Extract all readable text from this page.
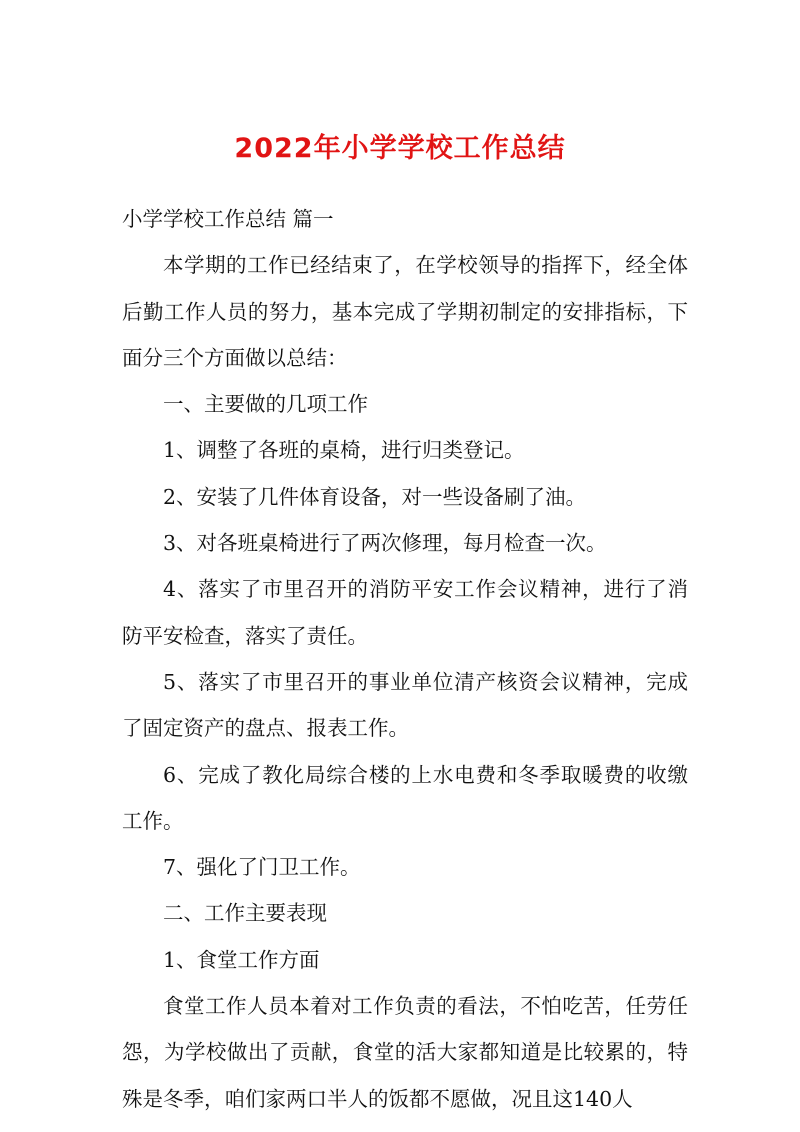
2022年小学学校工作总结

小学学校工作总结 篇一

本学期的工作已经结束了，在学校领导的指挥下，经全体后勤工作人员的努力，基本完成了学期初制定的安排指标，下面分三个方面做以总结：

一、主要做的几项工作

1、调整了各班的桌椅，进行归类登记。

2、安装了几件体育设备，对一些设备刷了油。

3、对各班桌椅进行了两次修理，每月检查一次。

4、落实了市里召开的消防平安工作会议精神，进行了消防平安检查，落实了责任。

5、落实了市里召开的事业单位清产核资会议精神，完成了固定资产的盘点、报表工作。

6、完成了教化局综合楼的上水电费和冬季取暖费的收缴工作。

7、强化了门卫工作。

二、工作主要表现

1、食堂工作方面

食堂工作人员本着对工作负责的看法，不怕吃苦，任劳任怨，为学校做出了贡献，食堂的活大家都知道是比较累的，特殊是冬季，咱们家两口半人的饭都不愿做，况且这140人
